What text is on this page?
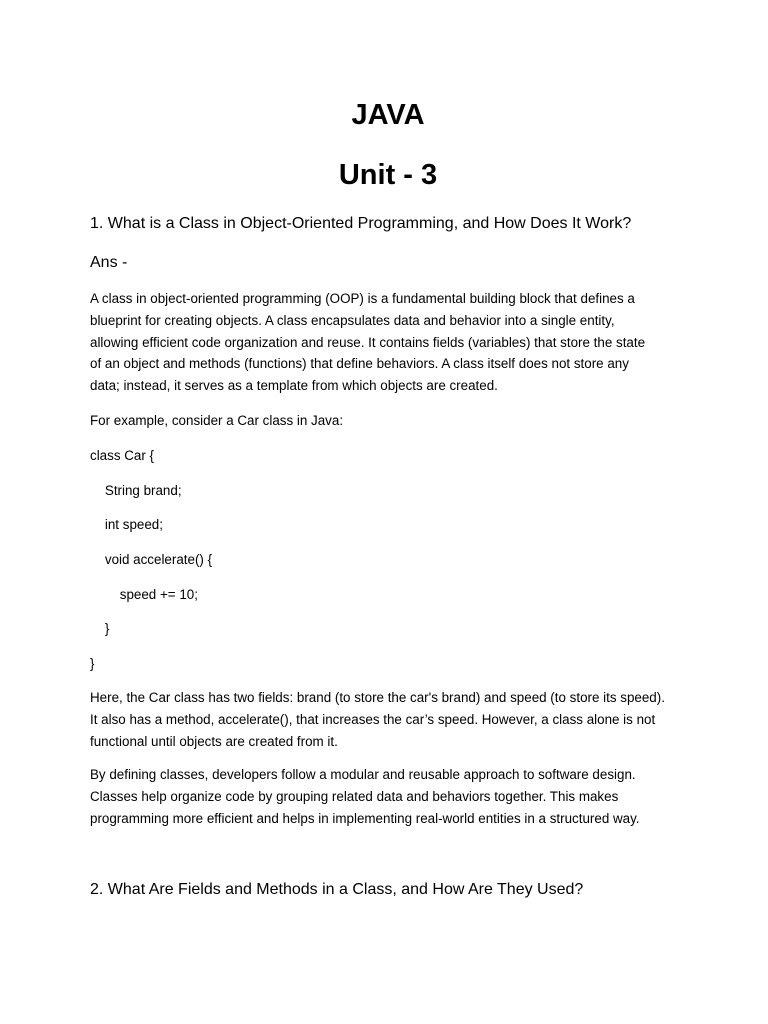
JAVA
Unit - 3
1. What is a Class in Object-Oriented Programming, and How Does It Work?
Ans -
A class in object-oriented programming (OOP) is a fundamental building block that defines a
blueprint for creating objects. A class encapsulates data and behavior into a single entity,
allowing efficient code organization and reuse. It contains fields (variables) that store the state
of an object and methods (functions) that define behaviors. A class itself does not store any
data; instead, it serves as a template from which objects are created.
For example, consider a Car class in Java:
class Car {
String brand;
int speed;
void accelerate() {
speed += 10;
}
}
Here, the Car class has two fields: brand (to store the car's brand) and speed (to store its speed).
It also has a method, accelerate(), that increases the car’s speed. However, a class alone is not
functional until objects are created from it.
By defining classes, developers follow a modular and reusable approach to software design.
Classes help organize code by grouping related data and behaviors together. This makes
programming more efficient and helps in implementing real-world entities in a structured way.
2. What Are Fields and Methods in a Class, and How Are They Used?
